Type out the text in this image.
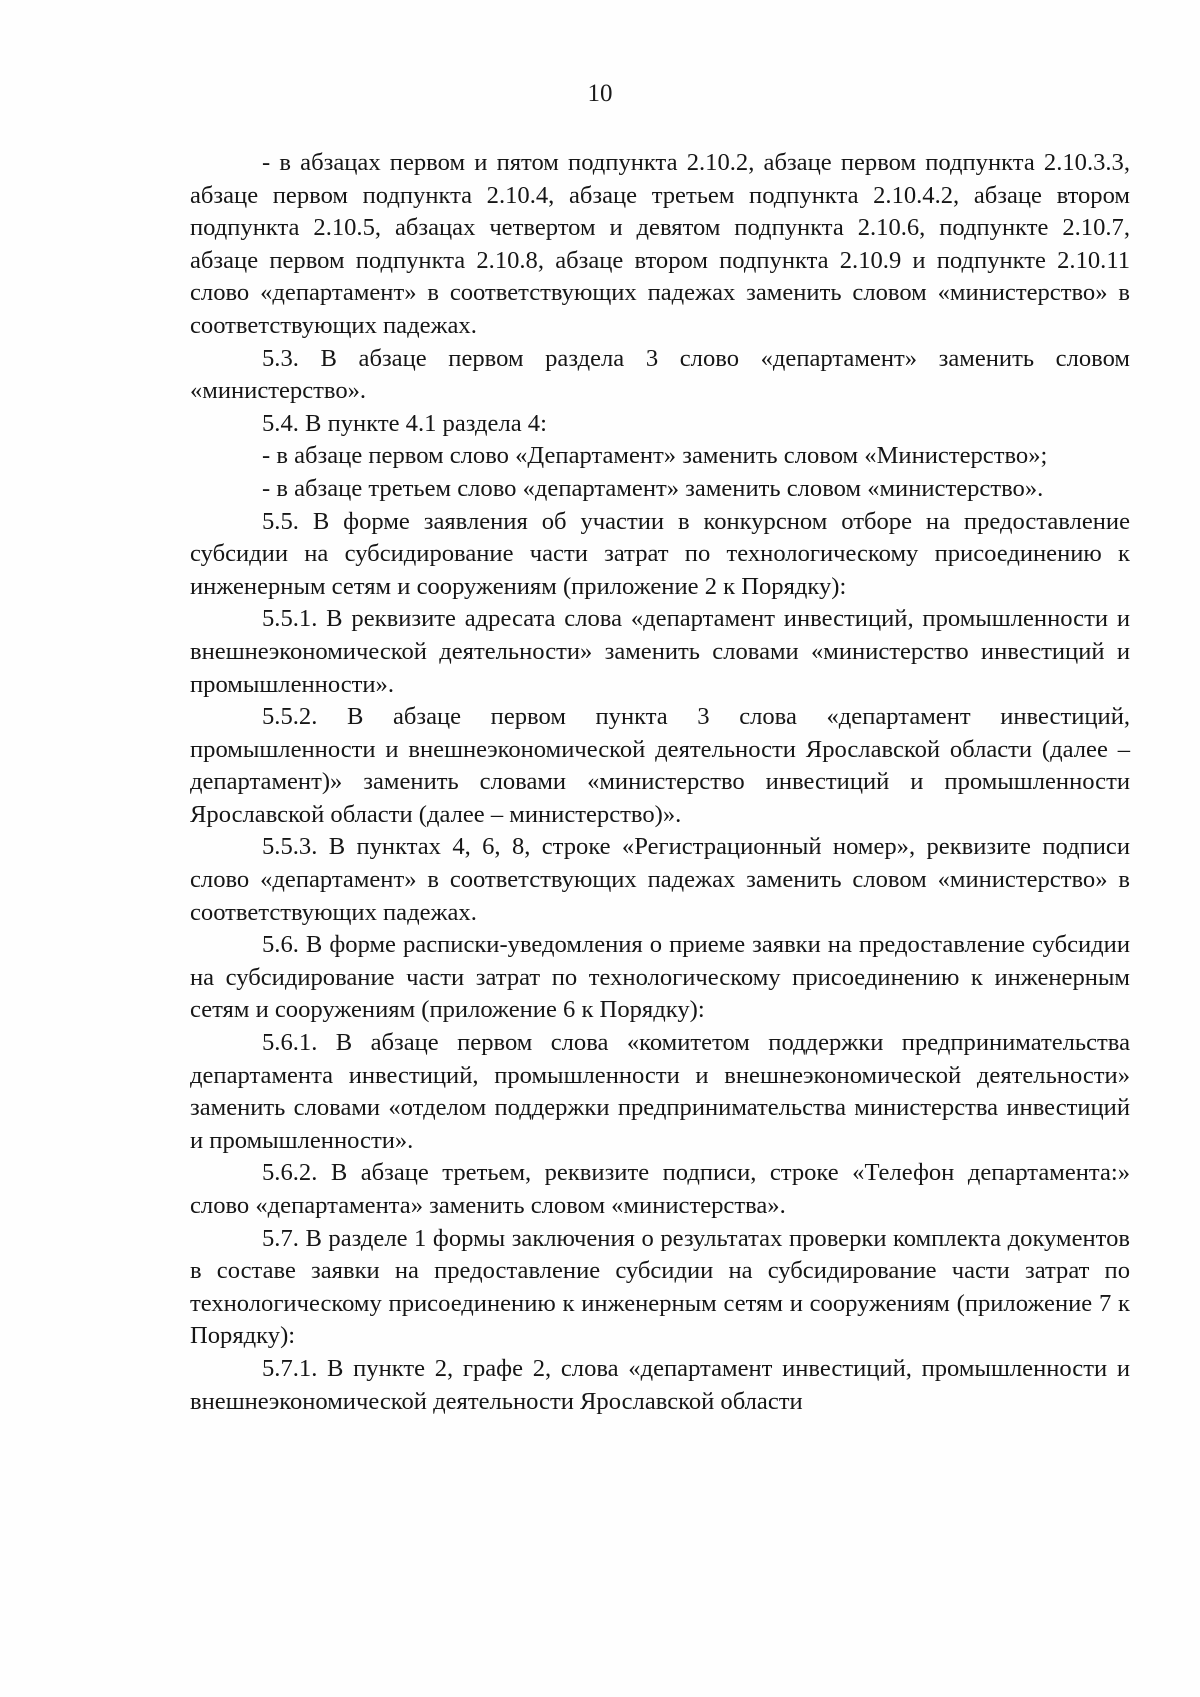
10

- в абзацах первом и пятом подпункта 2.10.2, абзаце первом подпункта 2.10.3.3, абзаце первом подпункта 2.10.4, абзаце третьем подпункта 2.10.4.2, абзаце втором подпункта 2.10.5, абзацах четвертом и девятом подпункта 2.10.6, подпункте 2.10.7, абзаце первом подпункта 2.10.8, абзаце втором подпункта 2.10.9 и подпункте 2.10.11 слово «департамент» в соответствующих падежах заменить словом «министерство» в соответствующих падежах.

5.3. В абзаце первом раздела 3 слово «департамент» заменить словом «министерство».

5.4. В пункте 4.1 раздела 4:

- в абзаце первом слово «Департамент» заменить словом «Министерство»;

- в абзаце третьем слово «департамент» заменить словом «министерство».

5.5. В форме заявления об участии в конкурсном отборе на предоставление субсидии на субсидирование части затрат по технологическому присоединению к инженерным сетям и сооружениям (приложение 2 к Порядку):

5.5.1. В реквизите адресата слова «департамент инвестиций, промышленности и внешнеэкономической деятельности» заменить словами «министерство инвестиций и промышленности».

5.5.2. В абзаце первом пункта 3 слова «департамент инвестиций, промышленности и внешнеэкономической деятельности Ярославской области (далее – департамент)» заменить словами «министерство инвестиций и промышленности Ярославской области (далее – министерство)».

5.5.3. В пунктах 4, 6, 8, строке «Регистрационный номер», реквизите подписи слово «департамент» в соответствующих падежах заменить словом «министерство» в соответствующих падежах.

5.6. В форме расписки-уведомления о приеме заявки на предоставление субсидии на субсидирование части затрат по технологическому присоединению к инженерным сетям и сооружениям (приложение 6 к Порядку):

5.6.1. В абзаце первом слова «комитетом поддержки предпринимательства департамента инвестиций, промышленности и внешнеэкономической деятельности» заменить словами «отделом поддержки предпринимательства министерства инвестиций и промышленности».

5.6.2. В абзаце третьем, реквизите подписи, строке «Телефон департамента:» слово «департамента» заменить словом «министерства».

5.7. В разделе 1 формы заключения о результатах проверки комплекта документов в составе заявки на предоставление субсидии на субсидирование части затрат по технологическому присоединению к инженерным сетям и сооружениям (приложение 7 к Порядку):

5.7.1. В пункте 2, графе 2, слова «департамент инвестиций, промышленности и внешнеэкономической деятельности Ярославской области
